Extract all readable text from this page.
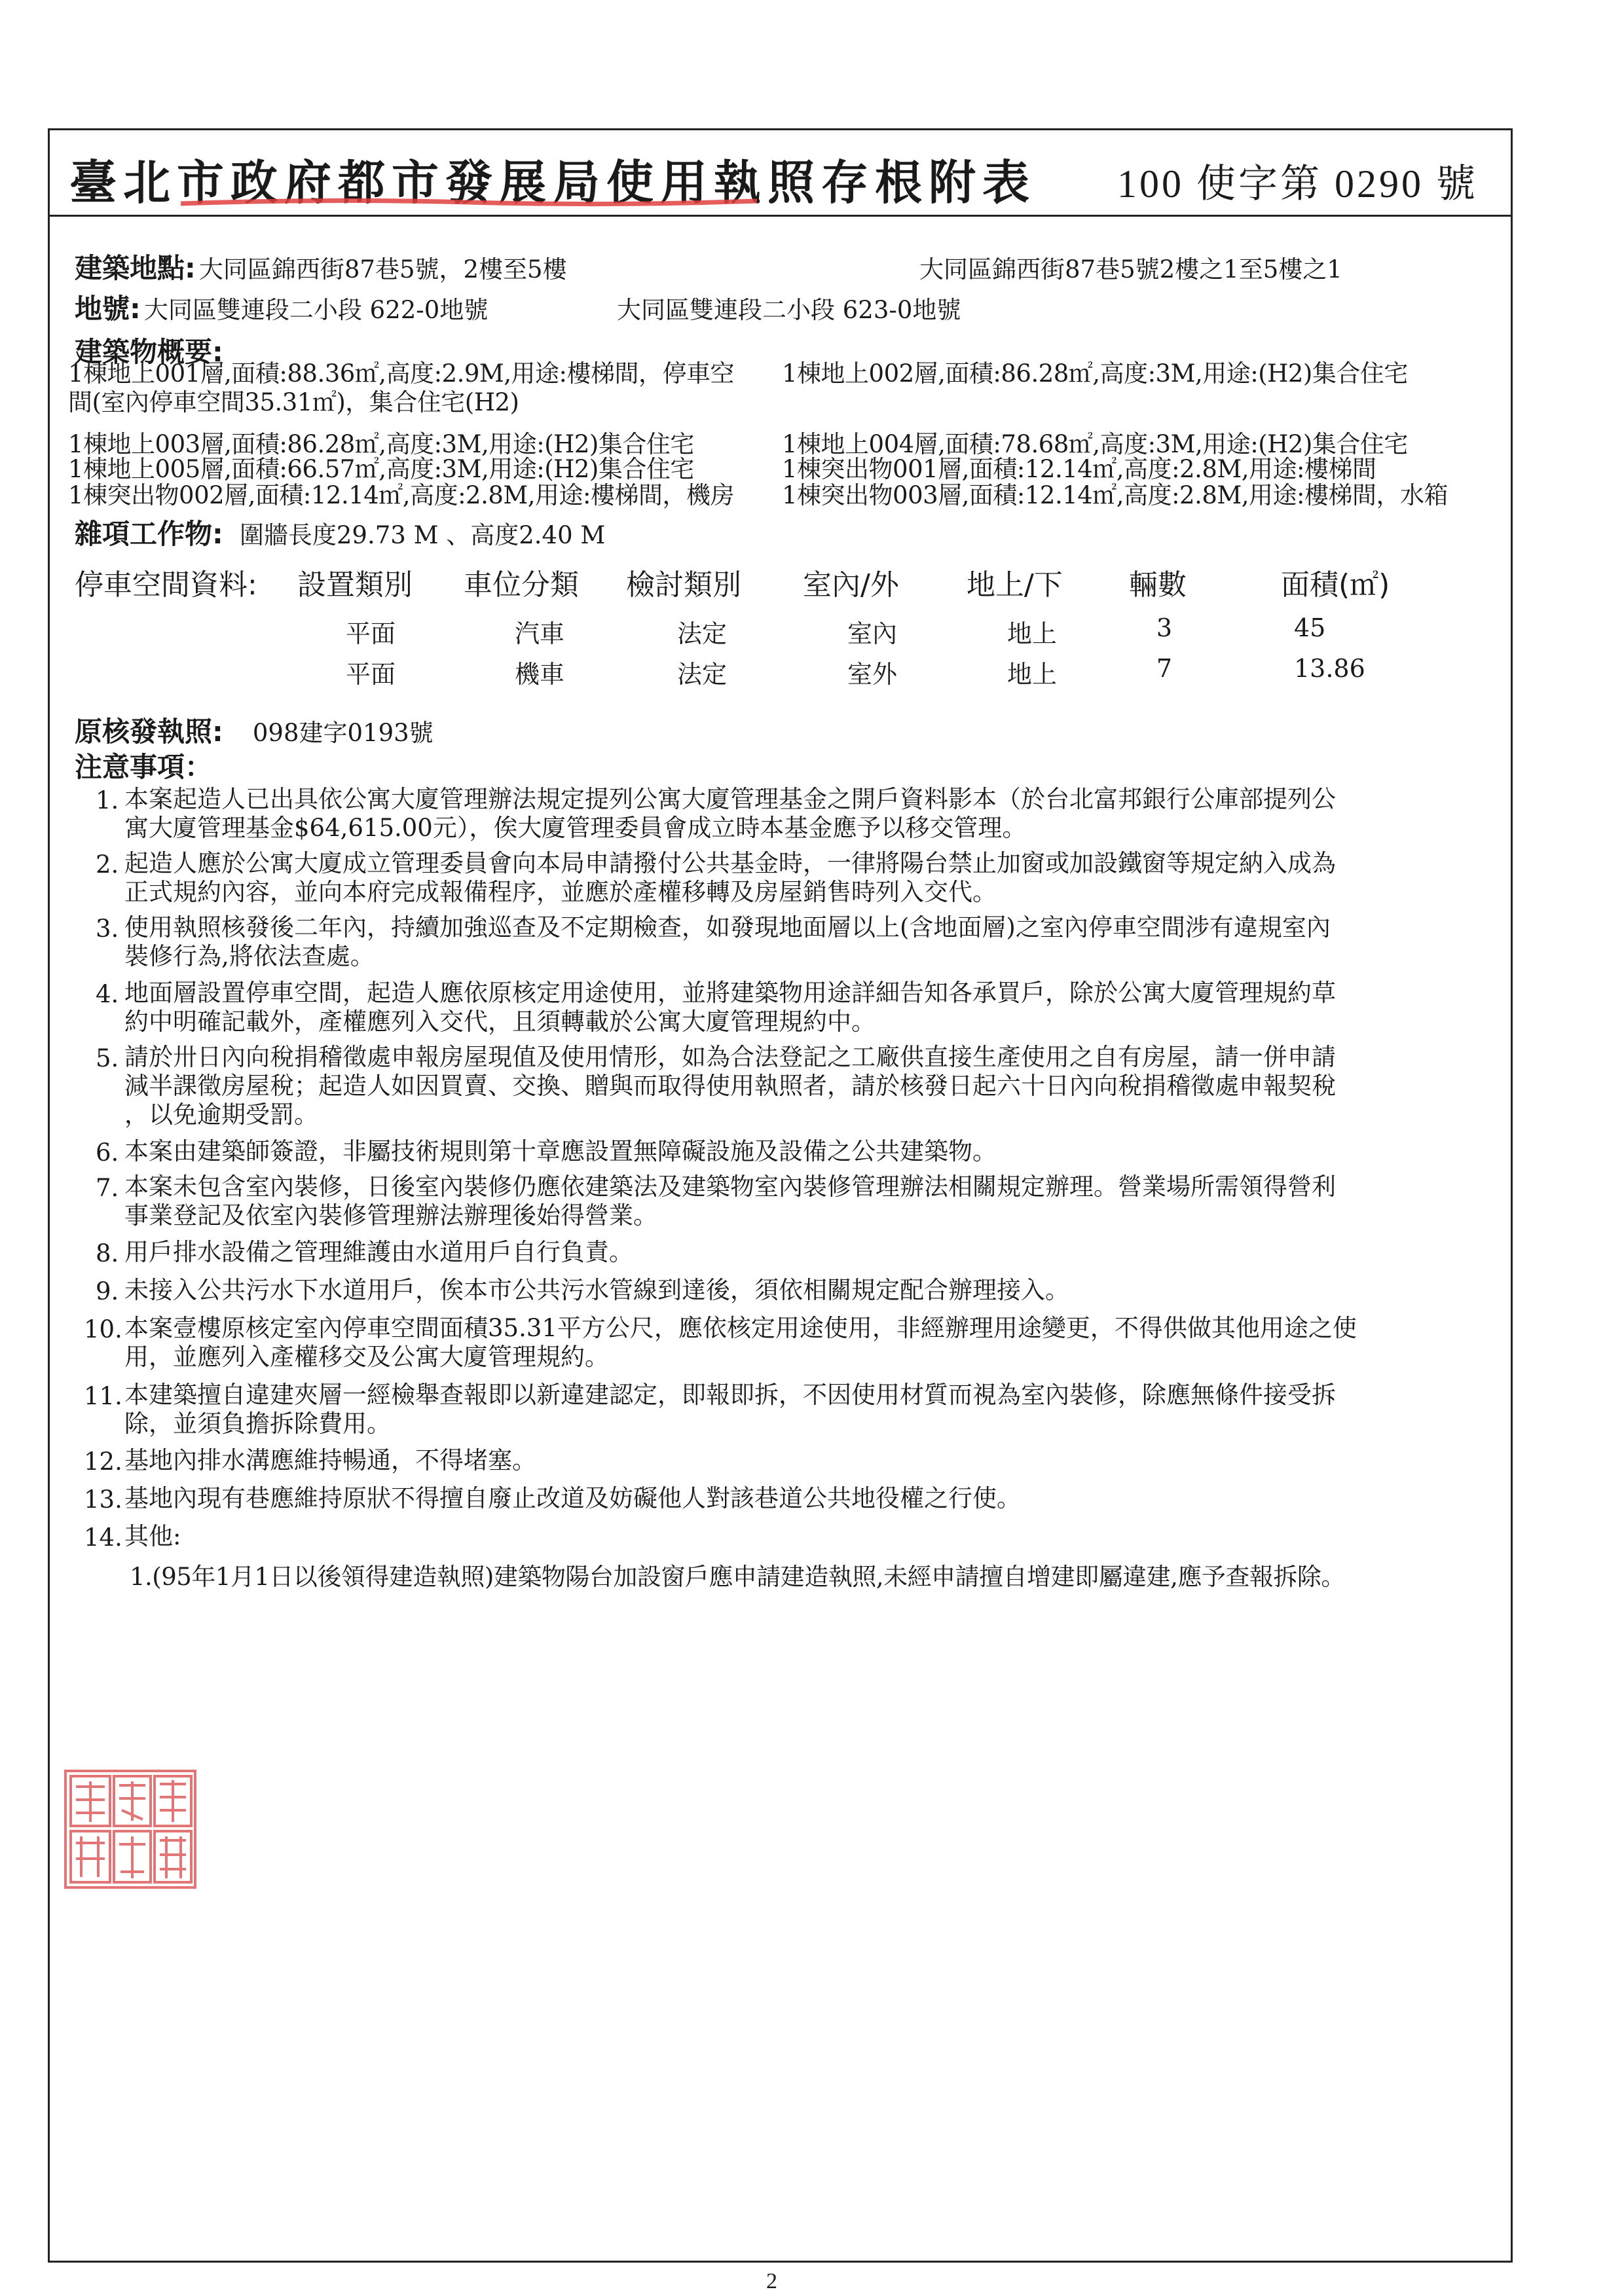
臺北市政府都市發展局使用執照存根附表 100 使字第 0290 號
建築地點: 大同區錦西街87巷5號，2樓至5樓	大同區錦西街87巷5號2樓之1至5樓之1
地號: 大同區雙連段二小段 622-0地號	大同區雙連段二小段 623-0地號
建築物概要:
1棟地上001層,面積:88.36㎡,高度:2.9M,用途:樓梯間，停車空 1棟地上002層,面積:86.28㎡,高度:3M,用途:(H2)集合住宅
間(室內停車空間35.31㎡)，集合住宅(H2)
1棟地上003層,面積:86.28㎡,高度:3M,用途:(H2)集合住宅	1棟地上004層,面積:78.68㎡,高度:3M,用途:(H2)集合住宅
1棟地上005層,面積:66.57㎡,高度:3M,用途:(H2)集合住宅	1棟突出物001層,面積:12.14㎡,高度:2.8M,用途:樓梯間
1棟突出物002層,面積:12.14㎡,高度:2.8M,用途:樓梯間，機房 1棟突出物003層,面積:12.14㎡,高度:2.8M,用途:樓梯間，水箱
雜項工作物: 圍牆長度29.73 M 、高度2.40 M
停車空間資料: 設置類別 車位分類 檢討類別 室內/外 地上/下 輛數	面積(㎡)
平面	汽車	法定	室內	地上	3	45
平面	機車	法定	室外	地上	7	13.86
原核發執照: 098建字0193號
注意事項：
1. 本案起造人已出具依公寓大廈管理辦法規定提列公寓大廈管理基金之開戶資料影本（於台北富邦銀行公庫部提列公
寓大廈管理基金$64,615.00元），俟大廈管理委員會成立時本基金應予以移交管理。
2. 起造人應於公寓大廈成立管理委員會向本局申請撥付公共基金時，一律將陽台禁止加窗或加設鐵窗等規定納入成為
正式規約內容，並向本府完成報備程序，並應於產權移轉及房屋銷售時列入交代。
3. 使用執照核發後二年內，持續加強巡查及不定期檢查，如發現地面層以上(含地面層)之室內停車空間涉有違規室內
裝修行為,將依法查處。
4. 地面層設置停車空間，起造人應依原核定用途使用，並將建築物用途詳細告知各承買戶，除於公寓大廈管理規約草
約中明確記載外，產權應列入交代，且須轉載於公寓大廈管理規約中。
5. 請於卅日內向稅捐稽徵處申報房屋現值及使用情形，如為合法登記之工廠供直接生產使用之自有房屋，請一併申請
減半課徵房屋稅；起造人如因買賣、交換、贈與而取得使用執照者，請於核發日起六十日內向稅捐稽徵處申報契稅
，以免逾期受罰。
6. 本案由建築師簽證，非屬技術規則第十章應設置無障礙設施及設備之公共建築物。
7. 本案未包含室內裝修，日後室內裝修仍應依建築法及建築物室內裝修管理辦法相關規定辦理。營業場所需領得營利
事業登記及依室內裝修管理辦法辦理後始得營業。
8. 用戶排水設備之管理維護由水道用戶自行負責。
9. 未接入公共污水下水道用戶，俟本市公共污水管線到達後，須依相關規定配合辦理接入。
10. 本案壹樓原核定室內停車空間面積35.31平方公尺，應依核定用途使用，非經辦理用途變更，不得供做其他用途之使
用，並應列入產權移交及公寓大廈管理規約。
11. 本建築擅自違建夾層一經檢舉查報即以新違建認定，即報即拆，不因使用材質而視為室內裝修，除應無條件接受拆
除，並須負擔拆除費用。
12. 基地內排水溝應維持暢通，不得堵塞。
13. 基地內現有巷應維持原狀不得擅自廢止改道及妨礙他人對該巷道公共地役權之行使。
14. 其他:
1.(95年1月1日以後領得建造執照)建築物陽台加設窗戶應申請建造執照,未經申請擅自增建即屬違建,應予查報拆除。
2
